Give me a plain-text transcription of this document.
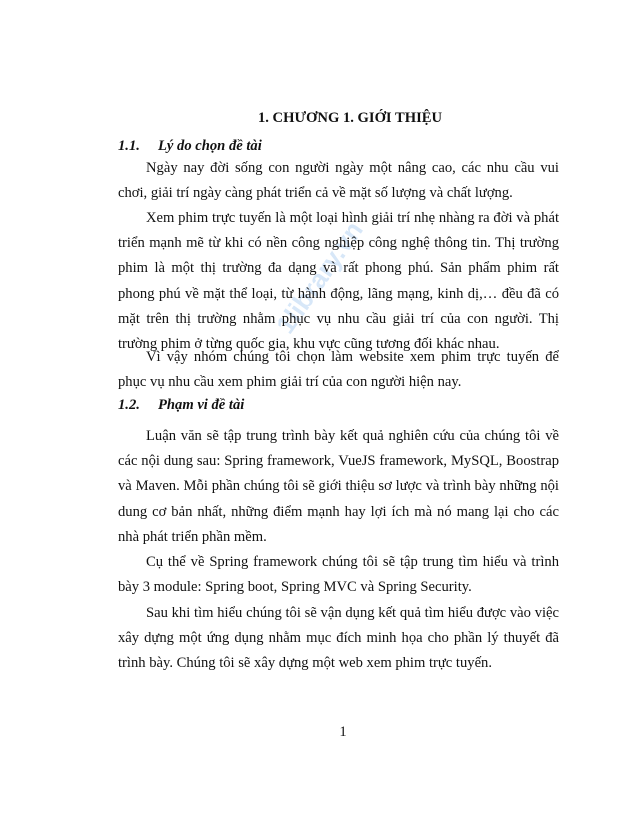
1library.vn
1. CHƯƠNG 1. GIỚI THIỆU
1.1. Lý do chọn đề tài

Ngày nay đời sống con người ngày một nâng cao, các nhu cầu vui chơi, giải trí ngày càng phát triển cả về mặt số lượng và chất lượng.

Xem phim trực tuyến là một loại hình giải trí nhẹ nhàng ra đời và phát triển mạnh mẽ từ khi có nền công nghiệp công nghệ thông tin. Thị trường phim là một thị trường đa dạng và rất phong phú. Sản phẩm phim rất phong phú về mặt thể loại, từ hành động, lãng mạng, kinh dị,… đều đã có mặt trên thị trường nhằm phục vụ nhu cầu giải trí của con người. Thị trường phim ở từng quốc gia, khu vực cũng tương đối khác nhau.

Vì vậy nhóm chúng tôi chọn làm website xem phim trực tuyến để phục vụ nhu cầu xem phim giải trí của con người hiện nay.

1.2. Phạm vi đề tài

Luận văn sẽ tập trung trình bày kết quả nghiên cứu của chúng tôi về các nội dung sau: Spring framework, VueJS framework, MySQL, Boostrap và Maven. Mỗi phần chúng tôi sẽ giới thiệu sơ lược và trình bày những nội dung cơ bản nhất, những điểm mạnh hay lợi ích mà nó mang lại cho các nhà phát triển phần mềm.

Cụ thể về Spring framework chúng tôi sẽ tập trung tìm hiểu và trình bày 3 module: Spring boot, Spring MVC và Spring Security.

Sau khi tìm hiểu chúng tôi sẽ vận dụng kết quả tìm hiểu được vào việc xây dựng một ứng dụng nhằm mục đích minh họa cho phần lý thuyết đã trình bày. Chúng tôi sẽ xây dựng một web xem phim trực tuyến.

1
